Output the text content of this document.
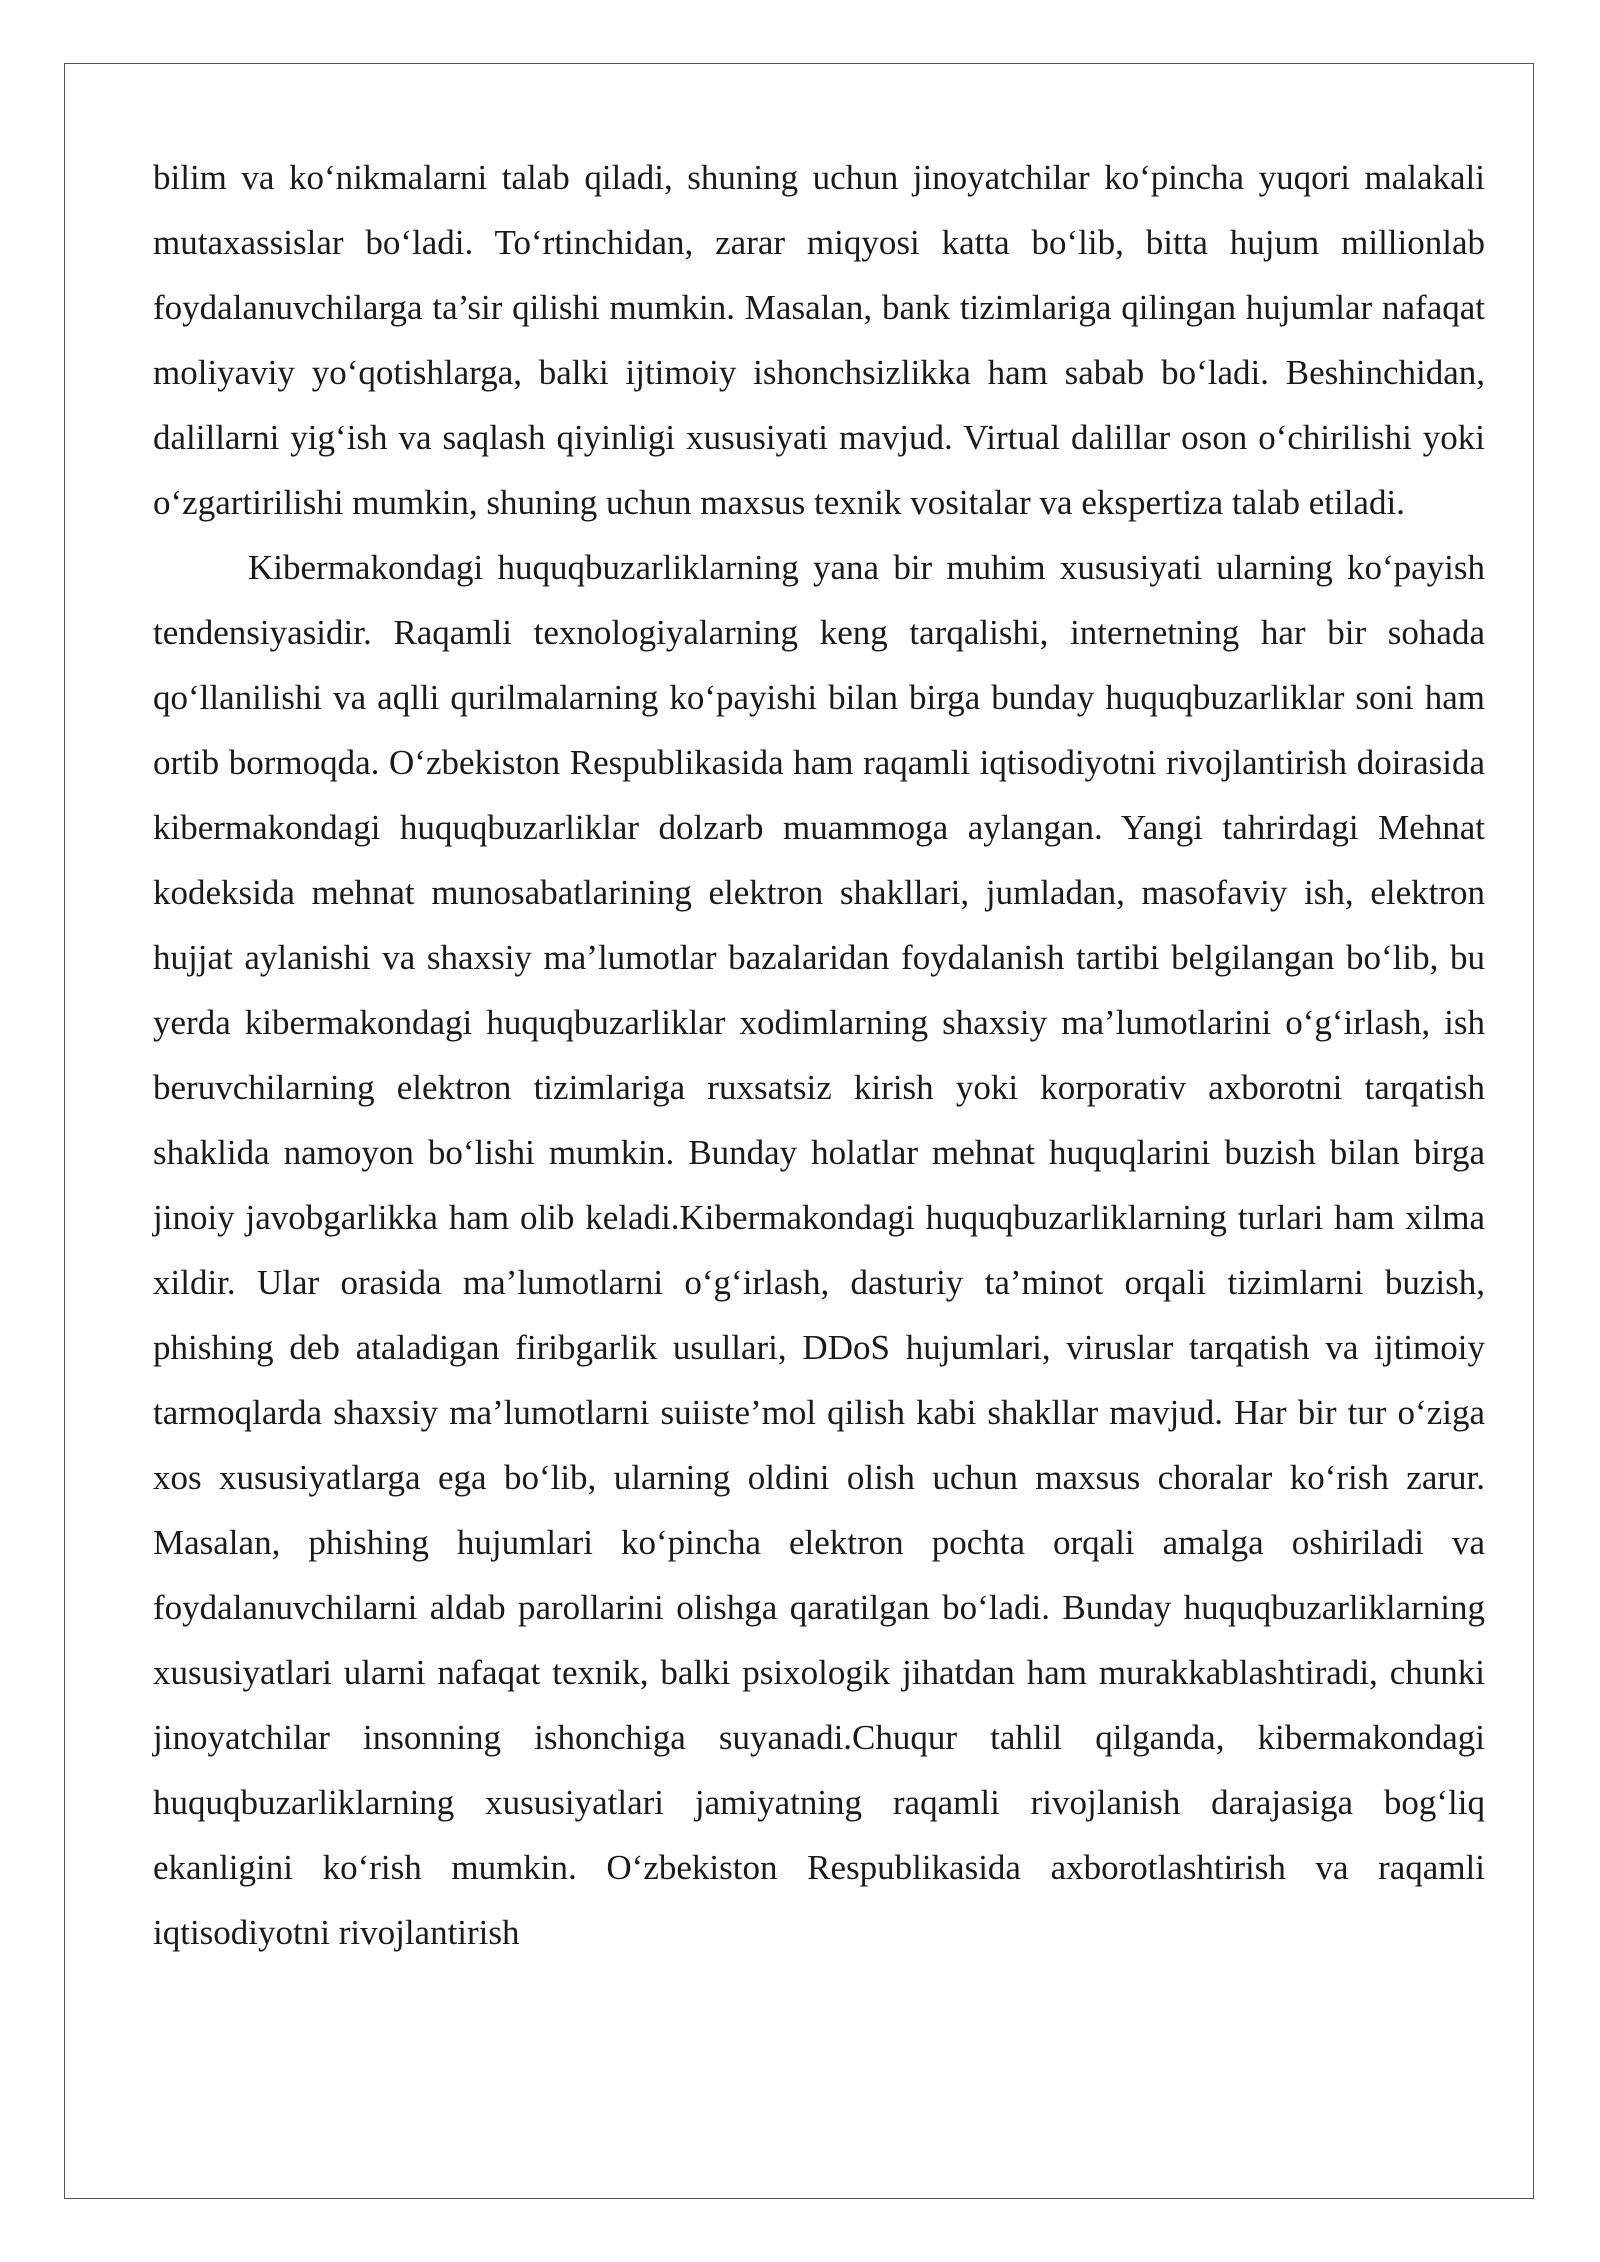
bilim va ko‘nikmalarni talab qiladi, shuning uchun jinoyatchilar ko‘pincha yuqori malakali mutaxassislar bo‘ladi. To‘rtinchidan, zarar miqyosi katta bo‘lib, bitta hujum millionlab foydalanuvchilarga ta’sir qilishi mumkin. Masalan, bank tizimlariga qilingan hujumlar nafaqat moliyaviy yo‘qotishlarga, balki ijtimoiy ishonchsizlikka ham sabab bo‘ladi. Beshinchidan, dalillarni yig‘ish va saqlash qiyinligi xususiyati mavjud. Virtual dalillar oson o‘chirilishi yoki o‘zgartirilishi mumkin, shuning uchun maxsus texnik vositalar va ekspertiza talab etiladi.

Kibermakondagi huquqbuzarliklarning yana bir muhim xususiyati ularning ko‘payish tendensiyasidir. Raqamli texnologiyalarning keng tarqalishi, internetning har bir sohada qo‘llanilishi va aqlli qurilmalarning ko‘payishi bilan birga bunday huquqbuzarliklar soni ham ortib bormoqda. O‘zbekiston Respublikasida ham raqamli iqtisodiyotni rivojlantirish doirasida kibermakondagi huquqbuzarliklar dolzarb muammoga aylangan. Yangi tahrirdagi Mehnat kodeksida mehnat munosabatlarining elektron shakllari, jumladan, masofaviy ish, elektron hujjat aylanishi va shaxsiy ma’lumotlar bazalaridan foydalanish tartibi belgilangan bo‘lib, bu yerda kibermakondagi huquqbuzarliklar xodimlarning shaxsiy ma’lumotlarini o‘g‘irlash, ish beruvchilarning elektron tizimlariga ruxsatsiz kirish yoki korporativ axborotni tarqatish shaklida namoyon bo‘lishi mumkin. Bunday holatlar mehnat huquqlarini buzish bilan birga jinoiy javobgarlikka ham olib keladi.Kibermakondagi huquqbuzarliklarning turlari ham xilma xildir. Ular orasida ma’lumotlarni o‘g‘irlash, dasturiy ta’minot orqali tizimlarni buzish, phishing deb ataladigan firibgarlik usullari, DDoS hujumlari, viruslar tarqatish va ijtimoiy tarmoqlarda shaxsiy ma’lumotlarni suiiste’mol qilish kabi shakllar mavjud. Har bir tur o‘ziga xos xususiyatlarga ega bo‘lib, ularning oldini olish uchun maxsus choralar ko‘rish zarur. Masalan, phishing hujumlari ko‘pincha elektron pochta orqali amalga oshiriladi va foydalanuvchilarni aldab parollarini olishga qaratilgan bo‘ladi. Bunday huquqbuzarliklarning xususiyatlari ularni nafaqat texnik, balki psixologik jihatdan ham murakkablashtiradi, chunki jinoyatchilar insonning ishonchiga suyanadi.Chuqur tahlil qilganda, kibermakondagi huquqbuzarliklarning xususiyatlari jamiyatning raqamli rivojlanish darajasiga bog‘liq ekanligini ko‘rish mumkin. O‘zbekiston Respublikasida axborotlashtirish va raqamli iqtisodiyotni rivojlantirish
